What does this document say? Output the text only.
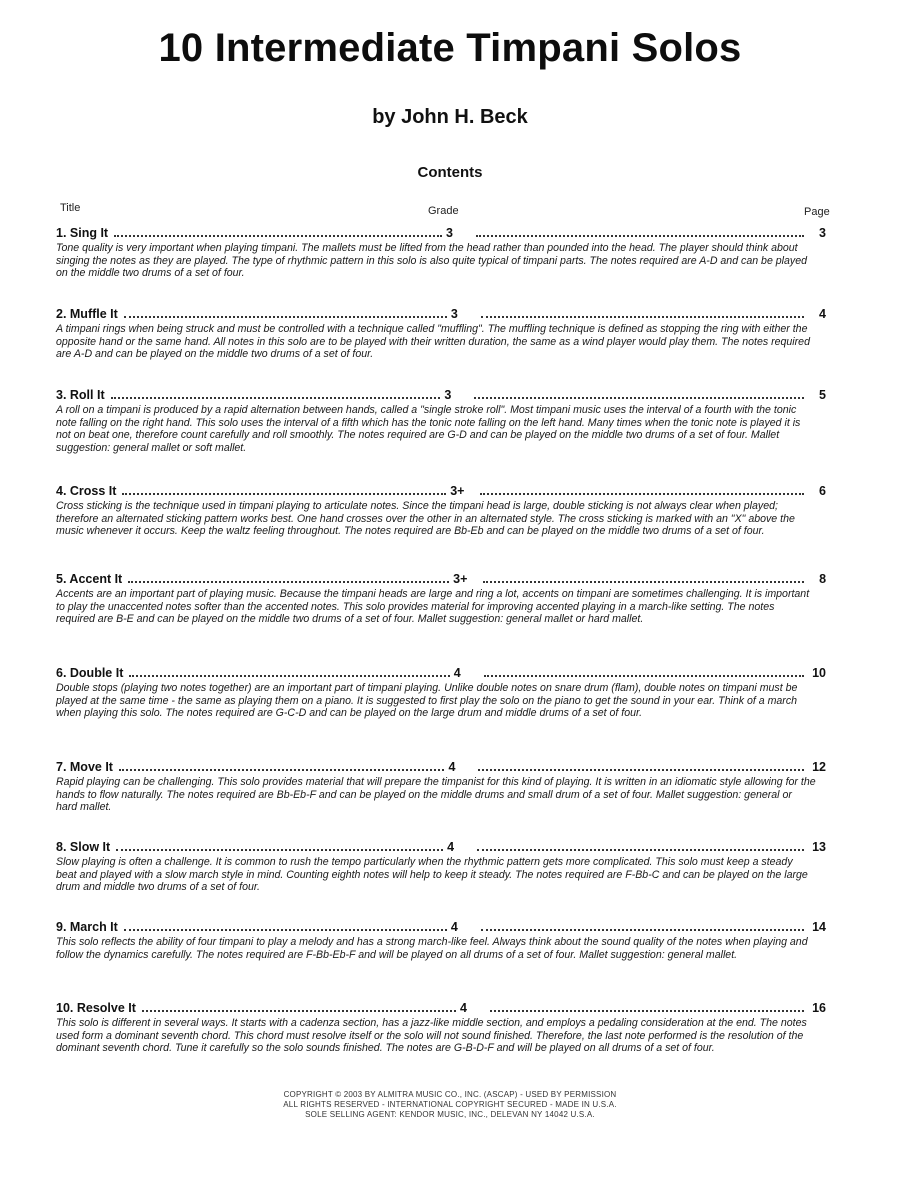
10 Intermediate Timpani Solos
by John H. Beck
Contents
Title	Grade	Page
1. Sing It	3	3
Tone quality is very important when playing timpani. The mallets must be lifted from the head rather than pounded into the head. The player should think about singing the notes as they are played. The type of rhythmic pattern in this solo is also quite typical of timpani parts. The notes required are A-D and can be played on the middle two drums of a set of four.
2. Muffle It	3	4
A timpani rings when being struck and must be controlled with a technique called "muffling". The muffling technique is defined as stopping the ring with either the opposite hand or the same hand. All notes in this solo are to be played with their written duration, the same as a wind player would play them. The notes required are A-D and can be played on the middle two drums of a set of four.
3. Roll It	3	5
A roll on a timpani is produced by a rapid alternation between hands, called a "single stroke roll". Most timpani music uses the interval of a fourth with the tonic note falling on the right hand. This solo uses the interval of a fifth which has the tonic note falling on the left hand. Many times when the tonic note is played it is not on beat one, therefore count carefully and roll smoothly. The notes required are G-D and can be played on the middle two drums of a set of four. Mallet suggestion: general mallet or soft mallet.
4. Cross It	3+	6
Cross sticking is the technique used in timpani playing to articulate notes. Since the timpani head is large, double sticking is not always clear when played; therefore an alternated sticking pattern works best. One hand crosses over the other in an alternated style. The cross sticking is marked with an "X" above the music whenever it occurs. Keep the waltz feeling throughout. The notes required are Bb-Eb and can be played on the middle two drums of a set of four.
5. Accent It	3+	8
Accents are an important part of playing music. Because the timpani heads are large and ring a lot, accents on timpani are sometimes challenging. It is important to play the unaccented notes softer than the accented notes. This solo provides material for improving accented playing in a march-like setting. The notes required are B-E and can be played on the middle two drums of a set of four. Mallet suggestion: general mallet or hard mallet.
6. Double It	4	10
Double stops (playing two notes together) are an important part of timpani playing. Unlike double notes on snare drum (flam), double notes on timpani must be played at the same time - the same as playing them on a piano. It is suggested to first play the solo on the piano to get the sound in your ear. Think of a march when playing this solo. The notes required are G-C-D and can be played on the large drum and middle drums of a set of four.
7. Move It	4	12
Rapid playing can be challenging. This solo provides material that will prepare the timpanist for this kind of playing. It is written in an idiomatic style allowing for the hands to flow naturally. The notes required are Bb-Eb-F and can be played on the middle drums and small drum of a set of four. Mallet suggestion: general or hard mallet.
8. Slow It	4	13
Slow playing is often a challenge. It is common to rush the tempo particularly when the rhythmic pattern gets more complicated. This solo must keep a steady beat and played with a slow march style in mind. Counting eighth notes will help to keep it steady. The notes required are F-Bb-C and can be played on the large drum and middle two drums of a set of four.
9. March It	4	14
This solo reflects the ability of four timpani to play a melody and has a strong march-like feel. Always think about the sound quality of the notes when playing and follow the dynamics carefully. The notes required are F-Bb-Eb-F and will be played on all drums of a set of four. Mallet suggestion: general mallet.
10. Resolve It	4	16
This solo is different in several ways. It starts with a cadenza section, has a jazz-like middle section, and employs a pedaling consideration at the end. The notes used form a dominant seventh chord. This chord must resolve itself or the solo will not sound finished. Therefore, the last note performed is the resolution of the dominant seventh chord. Tune it carefully so the solo sounds finished. The notes are G-B-D-F and will be played on all drums of a set of four.
COPYRIGHT © 2003 BY ALMITRA MUSIC CO., INC. (ASCAP) - USED BY PERMISSION
ALL RIGHTS RESERVED - INTERNATIONAL COPYRIGHT SECURED - MADE IN U.S.A.
SOLE SELLING AGENT: KENDOR MUSIC, INC., DELEVAN NY 14042 U.S.A.
